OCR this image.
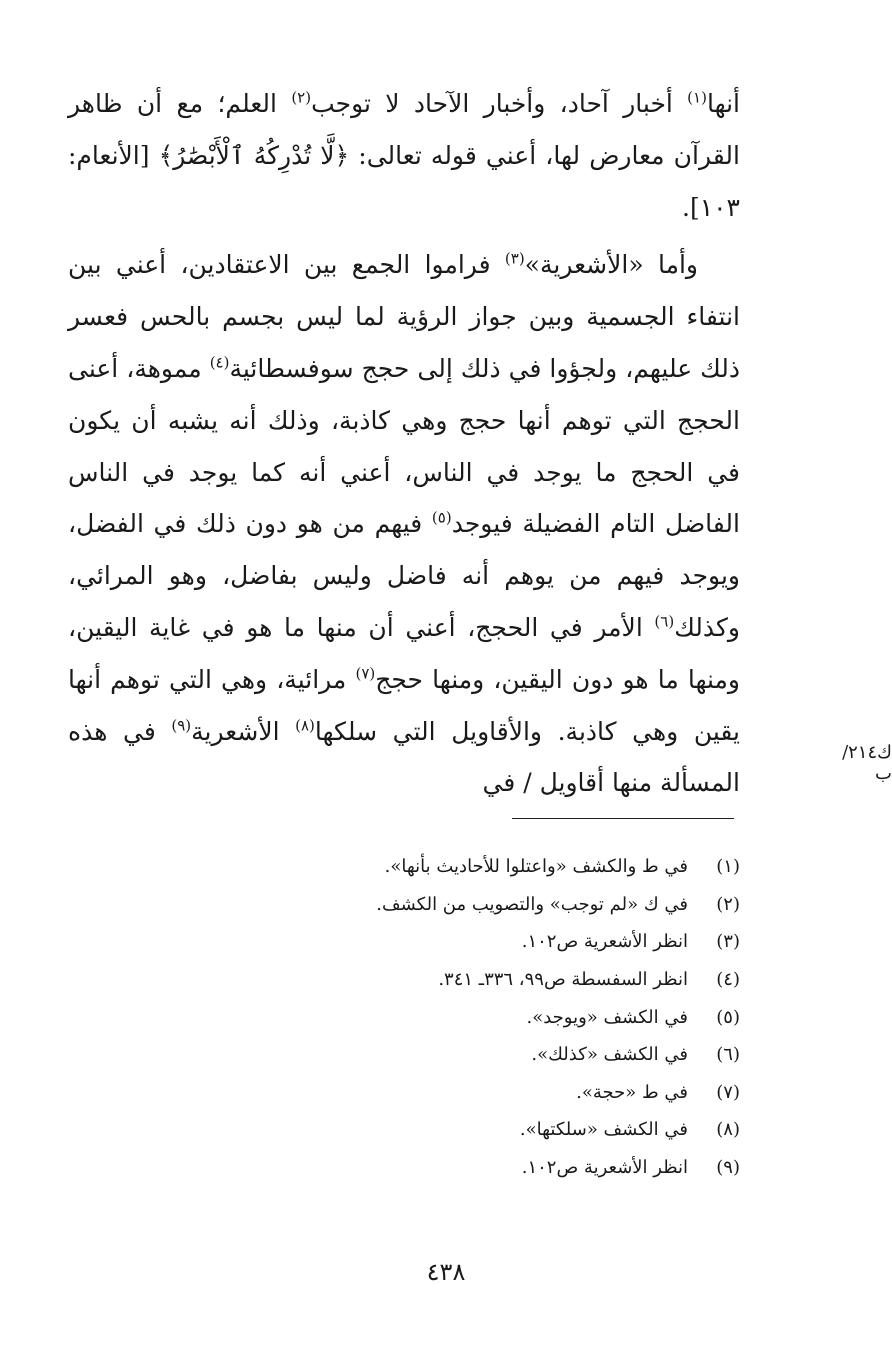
أنها$^{(١)}$ أخبار آحاد، وأخبار الآحاد لا توجب$^{(٢)}$ العلم؛ مع أن ظاهر القرآن معارض لها، أعني قوله تعالى: ﴿لَّا تُدْرِكُهُ ٱلْأَبْصَٰرُ﴾ [الأنعام: ١٠٣].

وأما «الأشعرية»$^{(٣)}$ فراموا الجمع بين الاعتقادين، أعني بين انتفاء الجسمية وبين جواز الرؤية لما ليس بجسم بالحس فعسر ذلك عليهم، ولجؤوا في ذلك إلى حجج سوفسطائية$^{(٤)}$ مموهة، أعنى الحجج التي توهم أنها حجج وهي كاذبة، وذلك أنه يشبه أن يكون في الحجج ما يوجد في الناس، أعني أنه كما يوجد في الناس الفاضل التام الفضيلة فيوجد$^{(٥)}$ فيهم من هو دون ذلك في الفضل، ويوجد فيهم من يوهم أنه فاضل وليس بفاضل، وهو المرائي، وكذلك$^{(٦)}$ الأمر في الحجج، أعني أن منها ما هو في غاية اليقين، ومنها ما هو دون اليقين، ومنها حجج$^{(٧)}$ مرائية، وهي التي توهم أنها يقين وهي كاذبة. والأقاويل التي سلكها$^{(٨)}$ الأشعرية$^{(٩)}$ في هذه المسألة منها أقاويل / في

ك٢١٤/ب
(١)
في ط والكشف «واعتلوا للأحاديث بأنها».
(٢)
في ك «لم توجب» والتصويب من الكشف.
(٣)
انظر الأشعرية ص١٠٢.
(٤)
انظر السفسطة ص٩٩، ٣٣٦ـ ٣٤١.
(٥)
في الكشف «ويوجد».
(٦)
في الكشف «كذلك».
(٧)
في ط «حجة».
(٨)
في الكشف «سلكتها».
(٩)
انظر الأشعرية ص١٠٢.
٤٣٨
